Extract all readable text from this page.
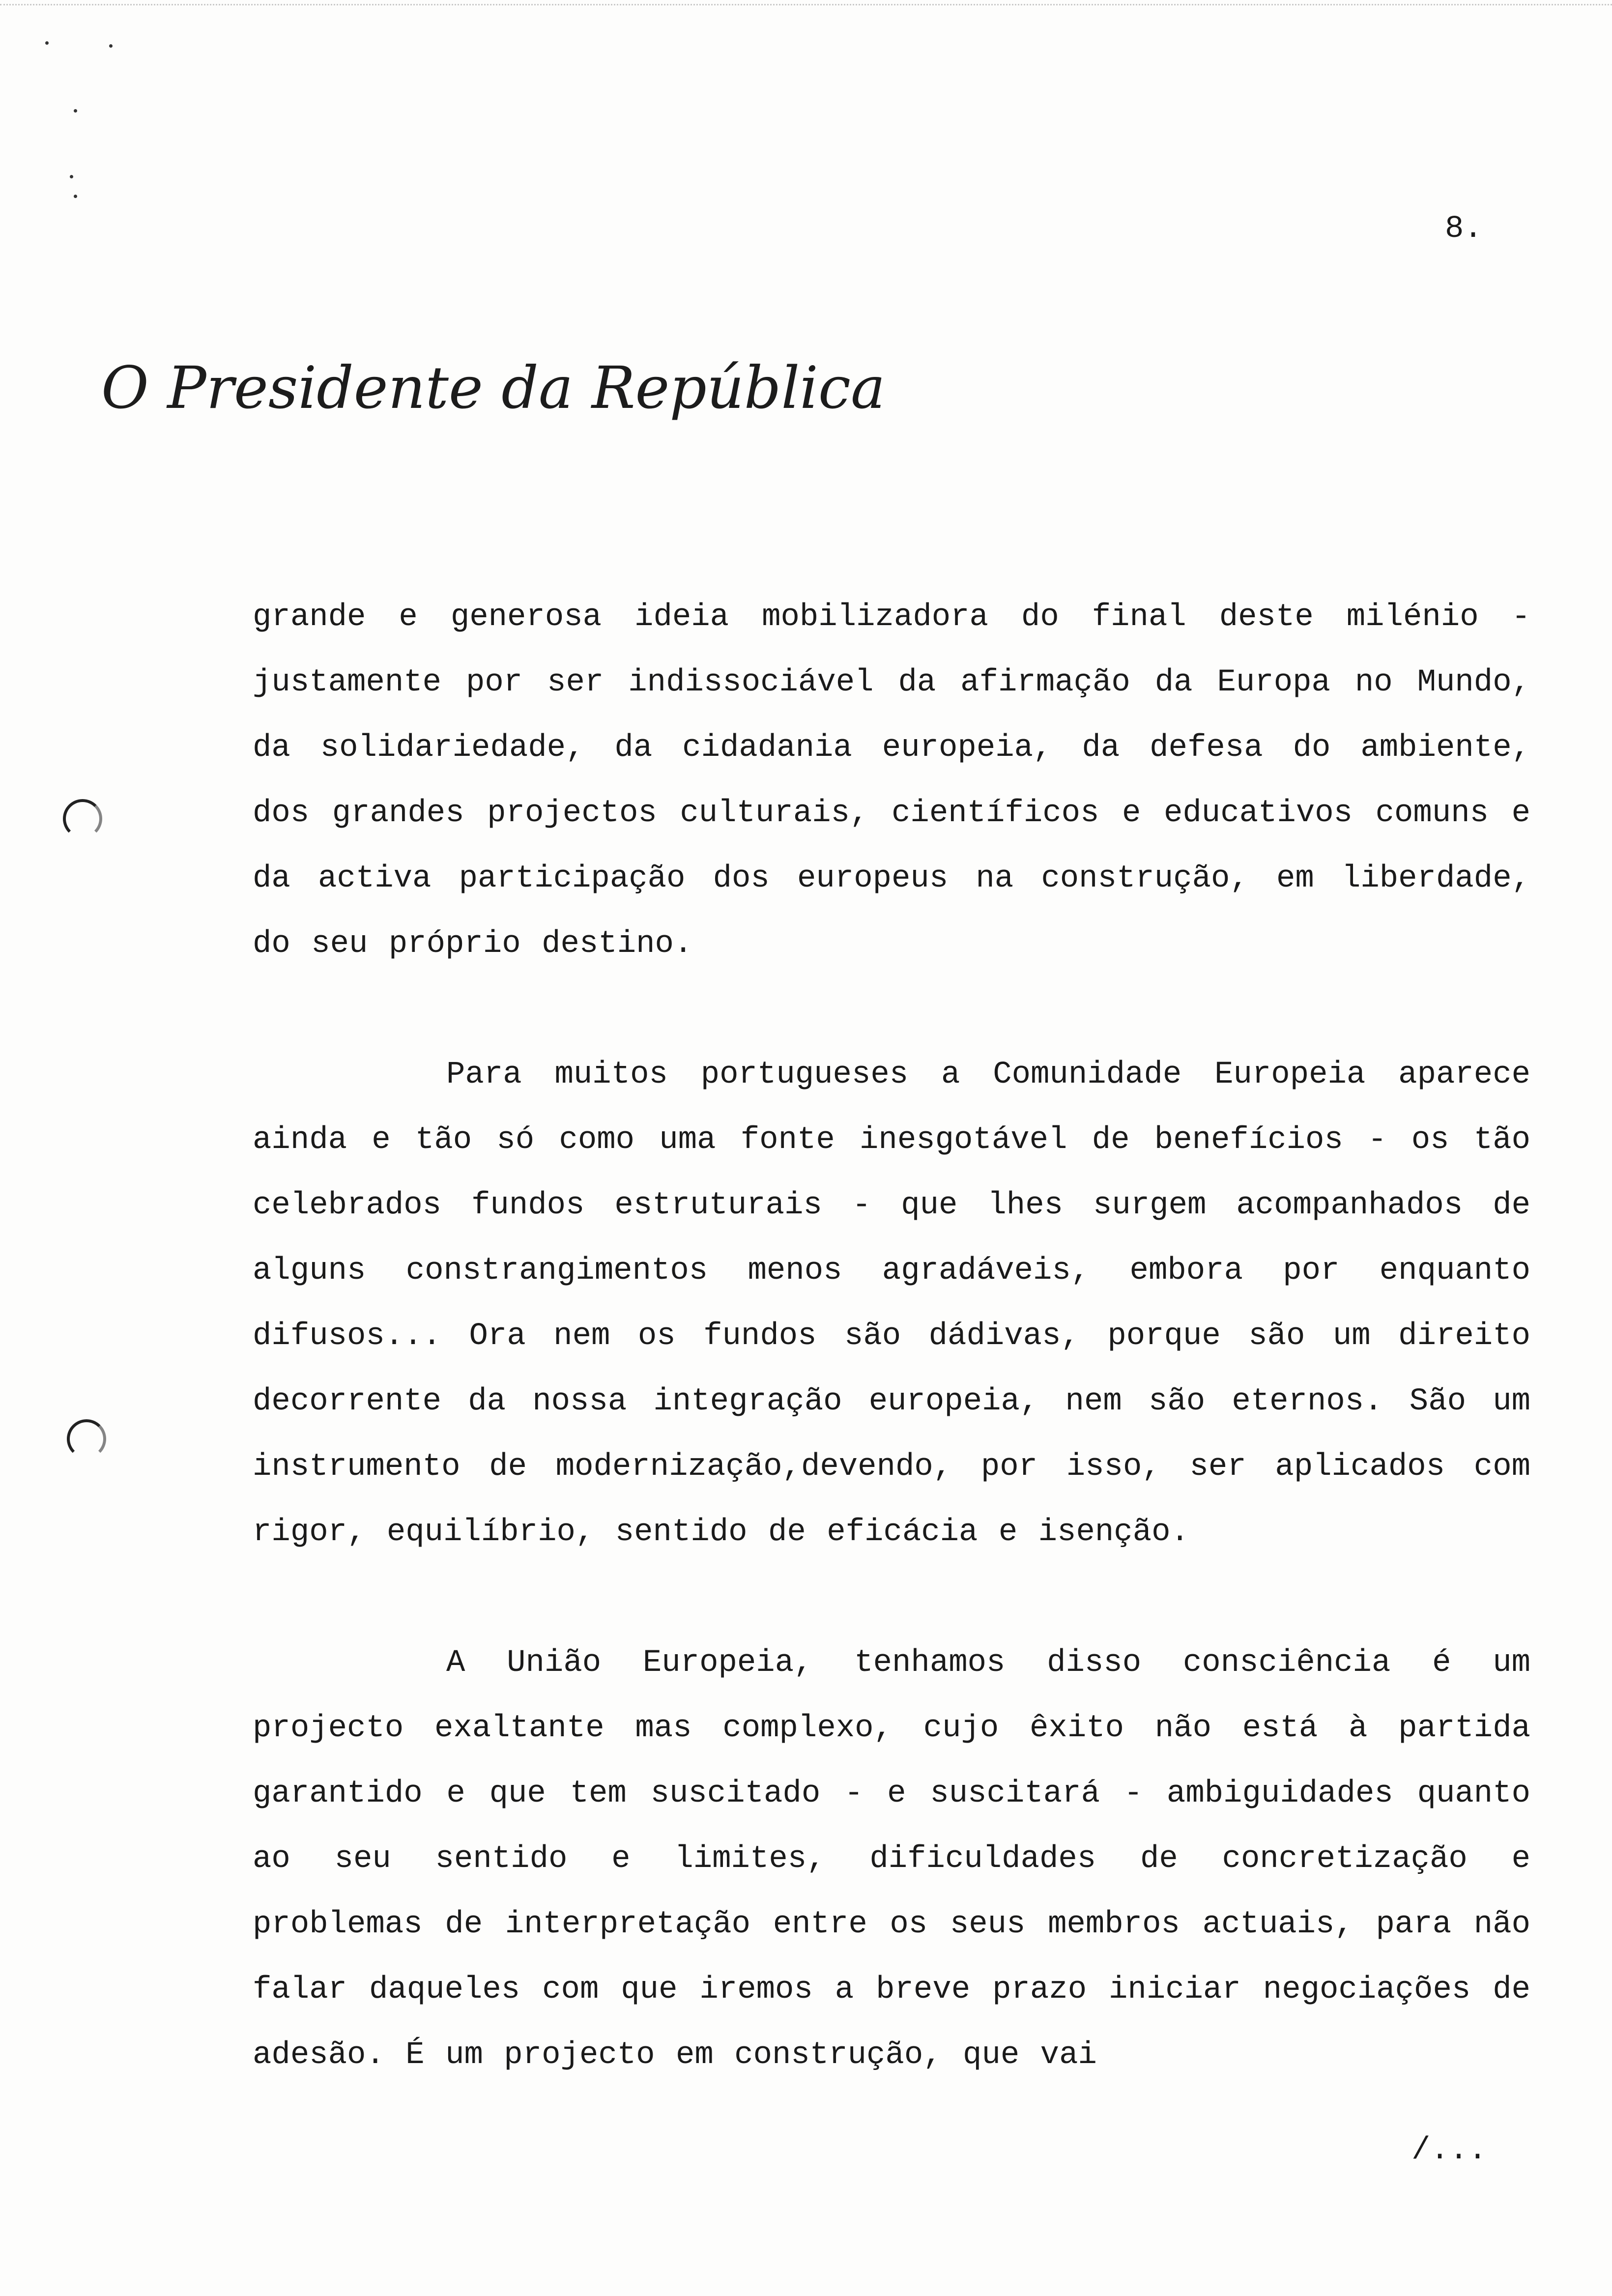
8.
O Presidente da República

grande e generosa ideia mobilizadora do final deste milénio - justamente por ser indissociável da afirmação da Europa no Mundo, da solidariedade, da cidadania europeia, da defesa do ambiente, dos grandes projectos culturais, científicos e educativos comuns e da activa participação dos europeus na construção, em liberdade, do seu próprio destino.

Para muitos portugueses a Comunidade Europeia aparece ainda e tão só como uma fonte inesgotável de benefícios - os tão celebrados fundos estruturais - que lhes surgem acompanhados de alguns constrangimentos menos agradáveis, embora por enquanto difusos... Ora nem os fundos são dádivas, porque são um direito decorrente da nossa integração europeia, nem são eternos. São um instrumento de modernização,devendo, por isso, ser aplicados com rigor, equilíbrio, sentido de eficácia e isenção.

A União Europeia, tenhamos disso consciência é um projecto exaltante mas complexo, cujo êxito não está à partida garantido e que tem suscitado - e suscitará - ambiguidades quanto ao seu sentido e limites, dificuldades de concretização e problemas de interpretação entre os seus membros actuais, para não falar daqueles com que iremos a breve prazo iniciar negociações de adesão. É um projecto em construção, que vai

/...
